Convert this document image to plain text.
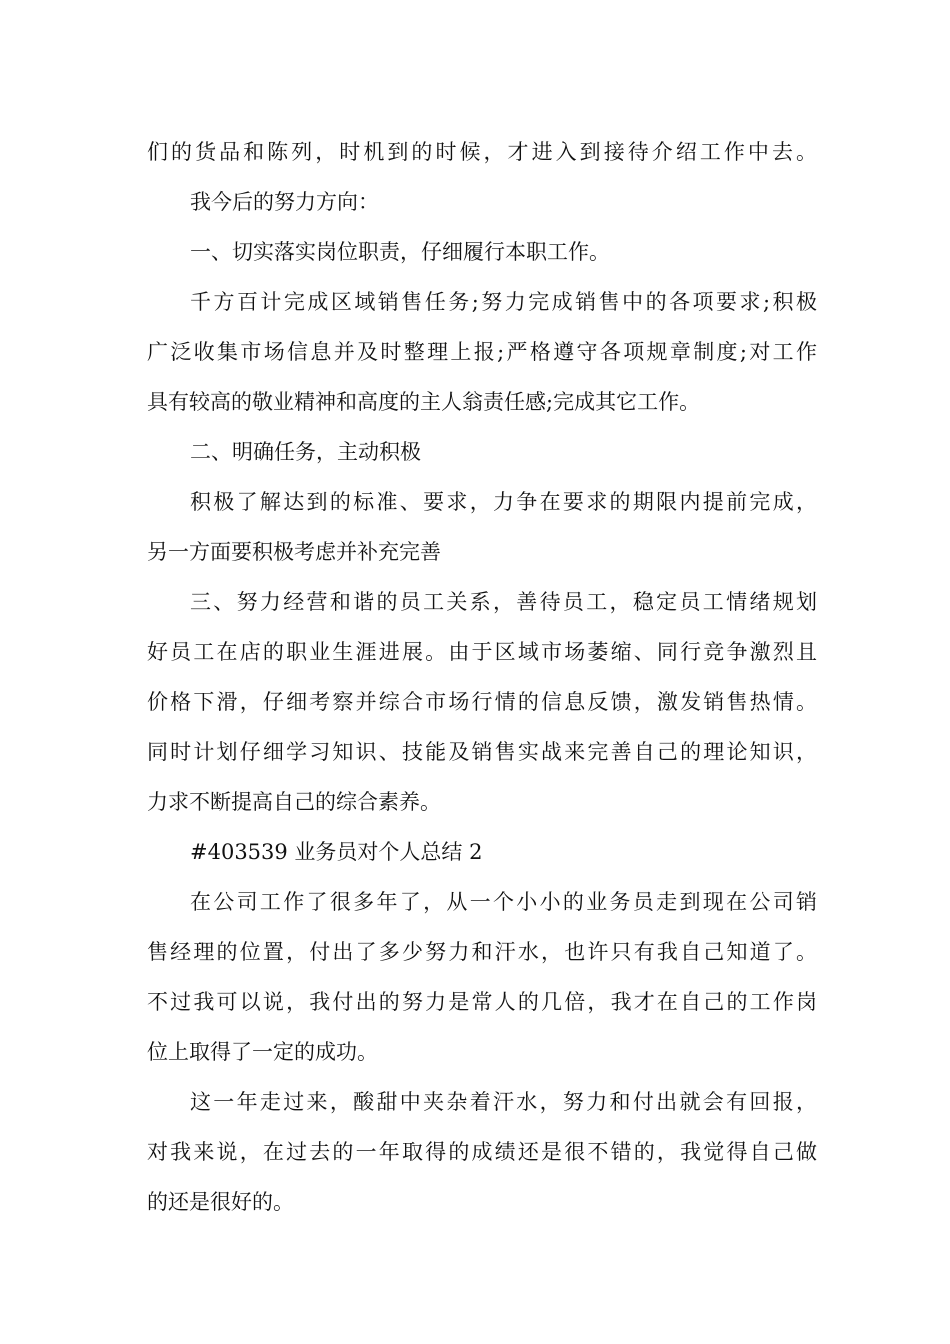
们的货品和陈列，时机到的时候，才进入到接待介绍工作中去。
我今后的努力方向：
一、切实落实岗位职责，仔细履行本职工作。
千方百计完成区域销售任务;努力完成销售中的各项要求;积极
广泛收集市场信息并及时整理上报;严格遵守各项规章制度;对工作
具有较高的敬业精神和高度的主人翁责任感;完成其它工作。
二、明确任务，主动积极
积极了解达到的标准、要求，力争在要求的期限内提前完成，
另一方面要积极考虑并补充完善
三、努力经营和谐的员工关系，善待员工，稳定员工情绪规划
好员工在店的职业生涯进展。由于区域市场萎缩、同行竞争激烈且
价格下滑，仔细考察并综合市场行情的信息反馈，激发销售热情。
同时计划仔细学习知识、技能及销售实战来完善自己的理论知识，
力求不断提高自己的综合素养。
#403539 业务员对个人总结 2
在公司工作了很多年了，从一个小小的业务员走到现在公司销
售经理的位置，付出了多少努力和汗水，也许只有我自己知道了。
不过我可以说，我付出的努力是常人的几倍，我才在自己的工作岗
位上取得了一定的成功。
这一年走过来，酸甜中夹杂着汗水，努力和付出就会有回报，
对我来说，在过去的一年取得的成绩还是很不错的，我觉得自己做
的还是很好的。
